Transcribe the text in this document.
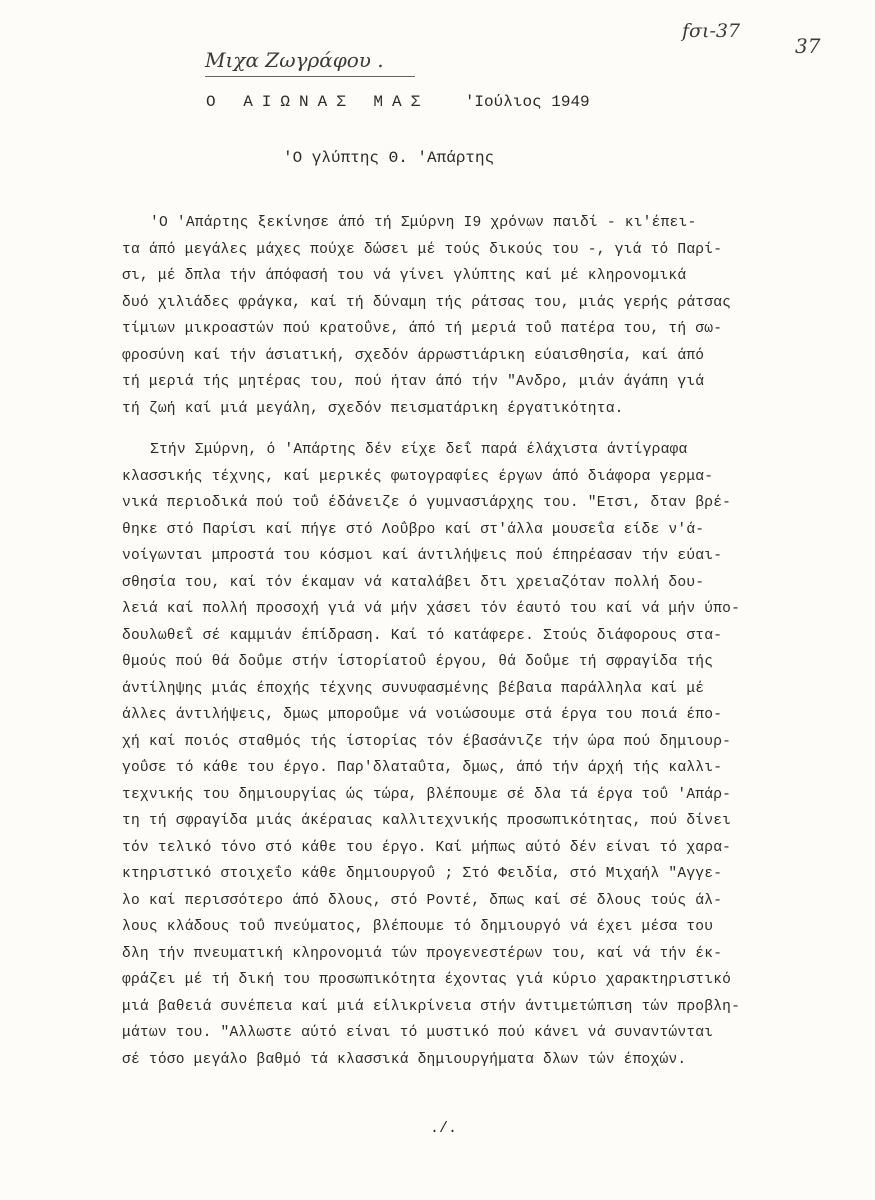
Μιχα Ζωγράφου .
fσι-37
37
Ο ΑΙΩΝΑΣ ΜΑΣ 'Ιούλιος 1949
'Ο γλύπτης Θ. 'Απάρτης
'Ο 'Απάρτης ξεκίνησε άπό τή Σμύρνη Ι9 χρόνων παιδί - κι'έπει-
τα άπό μεγάλες μάχες πούχε δώσει μέ τούς δικούς του -, γιά τό Παρί-
σι, μέ δπλα τήν άπόφασή του νά γίνει γλύπτης καί μέ κληρονομικά
δυό χιλιάδες φράγκα, καί τή δύναμη τής ράτσας του, μιάς γερής ράτσας
τίμιων μικροαστών πού κρατοΰνε, άπό τή μεριά τοΰ πατέρα του, τή σω-
φροσύνη καί τήν άσιατική, σχεδόν άρρωστιάρικη εύαισθησία, καί άπό
τή μεριά τής μητέρας του, πού ήταν άπό τήν "Ανδρο, μιάν άγάπη γιά
τή ζωή καί μιά μεγάλη, σχεδόν πεισματάρικη έργατικότητα.
Στήν Σμύρνη, ό 'Απάρτης δέν είχε δεΐ παρά έλάχιστα άντίγραφα
κλασσικής τέχνης, καί μερικές φωτογραφίες έργων άπό διάφορα γερμα-
νικά περιοδικά πού τοΰ έδάνειζε ό γυμνασιάρχης του. "Ετσι, δταν βρέ-
θηκε στό Παρίσι καί πήγε στό Λοΰβρο καί στ'άλλα μουσεΐα είδε ν'ά-
νοίγωνται μπροστά του κόσμοι καί άντιλήψεις πού έπηρέασαν τήν εύαι-
σθησία του, καί τόν έκαμαν νά καταλάβει δτι χρειαζόταν πολλή δου-
λειά καί πολλή προσοχή γιά νά μήν χάσει τόν έαυτό του καί νά μήν ύπο-
δουλωθεΐ σέ καμμιάν έπίδραση. Καί τό κατάφερε. Στούς διάφορους στα-
θμούς πού θά δοΰμε στήν ίστορίατοΰ έργου, θά δοΰμε τή σφραγίδα τής
άντίληψης μιάς έποχής τέχνης συνυφασμένης βέβαια παράλληλα καί μέ
άλλες άντιλήψεις, δμως μποροΰμε νά νοιώσουμε στά έργα του ποιά έπο-
χή καί ποιός σταθμός τής ίστορίας τόν έβασάνιζε τήν ώρα πού δημιουρ-
γοΰσε τό κάθε του έργο. Παρ'δλαταΰτα, δμως, άπό τήν άρχή τής καλλι-
τεχνικής του δημιουργίας ώς τώρα, βλέπουμε σέ δλα τά έργα τοΰ 'Απάρ-
τη τή σφραγίδα μιάς άκέραιας καλλιτεχνικής προσωπικότητας, πού δίνει
τόν τελικό τόνο στό κάθε του έργο. Καί μήπως αύτό δέν είναι τό χαρα-
κτηριστικό στοιχεΐο κάθε δημιουργοΰ ; Στό Φειδία, στό Μιχαήλ "Αγγε-
λο καί περισσότερο άπό δλους, στό Ροντέ, δπως καί σέ δλους τούς άλ-
λους κλάδους τοΰ πνεύματος, βλέπουμε τό δημιουργό νά έχει μέσα του
δλη τήν πνευματική κληρονομιά τών προγενεστέρων του, καί νά τήν έκ-
φράζει μέ τή δική του προσωπικότητα έχοντας γιά κύριο χαρακτηριστικό
μιά βαθειά συνέπεια καί μιά είλικρίνεια στήν άντιμετώπιση τών προβλη-
μάτων του. "Αλλωστε αύτό είναι τό μυστικό πού κάνει νά συναντώνται
σέ τόσο μεγάλο βαθμό τά κλασσικά δημιουργήματα δλων τών έποχών.
./.
